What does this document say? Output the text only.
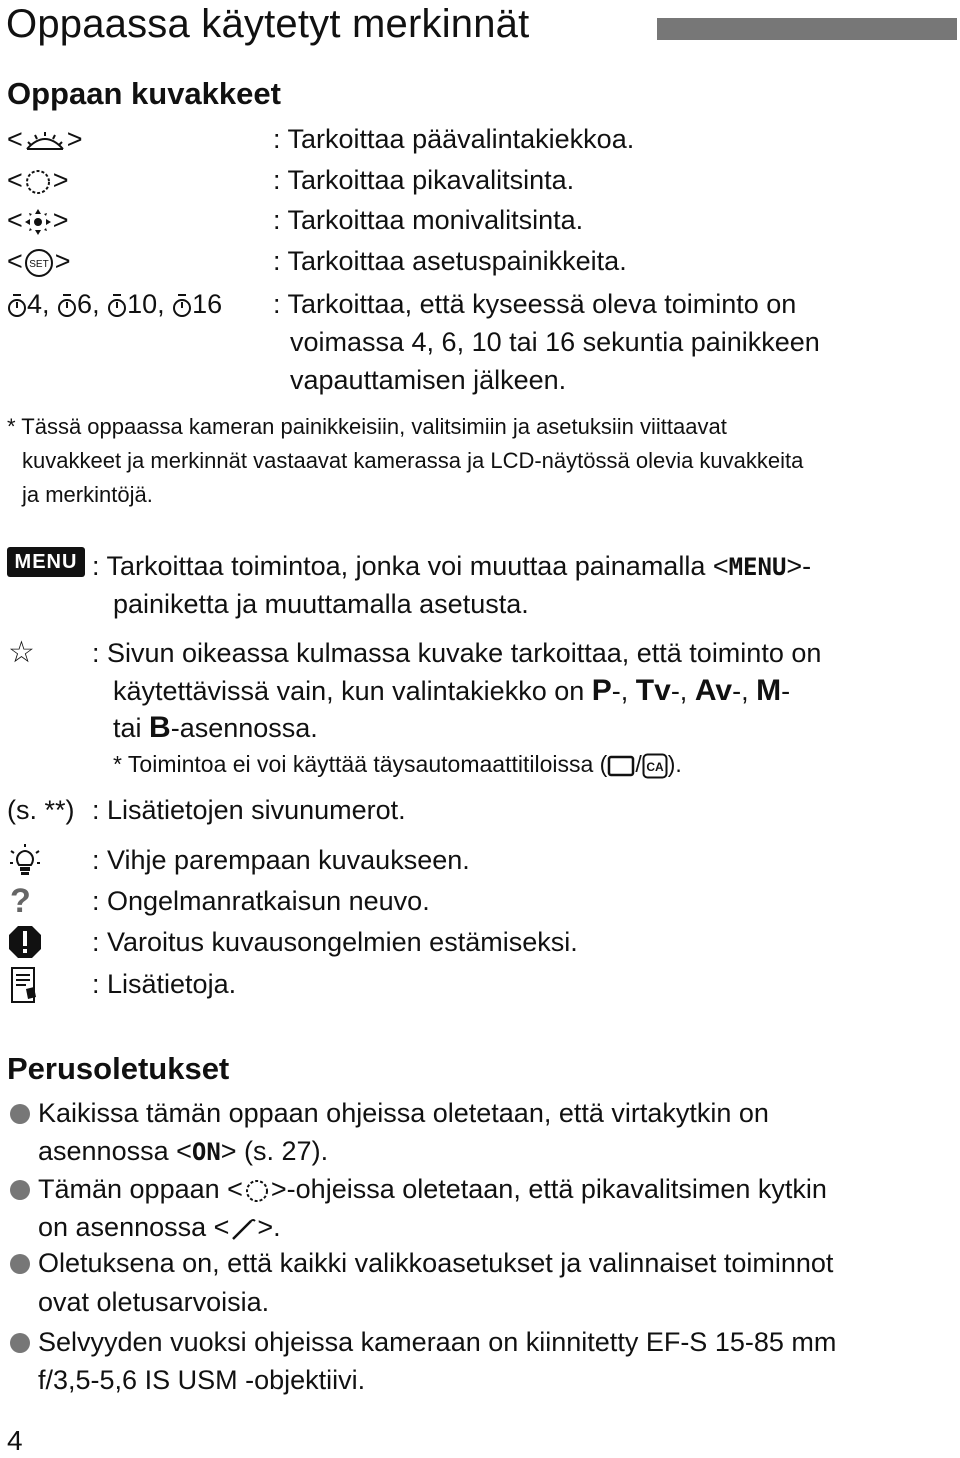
Oppaassa käytetyt merkinnät
Oppaan kuvakkeet
< >	: Tarkoittaa päävalintakiekkoa.
< >	: Tarkoittaa pikavalitsinta.
< >	: Tarkoittaa monivalitsinta.
< SET >	: Tarkoittaa asetuspainikkeita.
4, 6, 10, 16 : Tarkoittaa, että kyseessä oleva toiminto on
voimassa 4, 6, 10 tai 16 sekuntia painikkeen
vapauttamisen jälkeen.
* Tässä oppaassa kameran painikkeisiin, valitsimiin ja asetuksiin viittaavat
kuvakkeet ja merkinnät vastaavat kamerassa ja LCD-näytössä olevia kuvakkeita
ja merkintöjä.
MENU : Tarkoittaa toimintoa, jonka voi muuttaa painamalla <MENU>-
painiketta ja muuttamalla asetusta.
☆ : Sivun oikeassa kulmassa kuvake tarkoittaa, että toiminto on
käytettävissä vain, kun valintakiekko on P-, Tv-, Av-, M-
tai B-asennossa.
* Toimintoa ei voi käyttää täysautomaattitiloissa ( / CA ).
(s. **) : Lisätietojen sivunumerot.
: Vihje parempaan kuvaukseen.
? : Ongelmanratkaisun neuvo.
: Varoitus kuvausongelmien estämiseksi.
: Lisätietoja.
Perusoletukset
Kaikissa tämän oppaan ohjeissa oletetaan, että virtakytkin on
asennossa <ON> (s. 27).
Tämän oppaan < >-ohjeissa oletetaan, että pikavalitsimen kytkin
on asennossa < >.
Oletuksena on, että kaikki valikkoasetukset ja valinnaiset toiminnot
ovat oletusarvoisia.
Selvyyden vuoksi ohjeissa kameraan on kiinnitetty EF-S 15-85 mm
f/3,5-5,6 IS USM -objektiivi.
4
